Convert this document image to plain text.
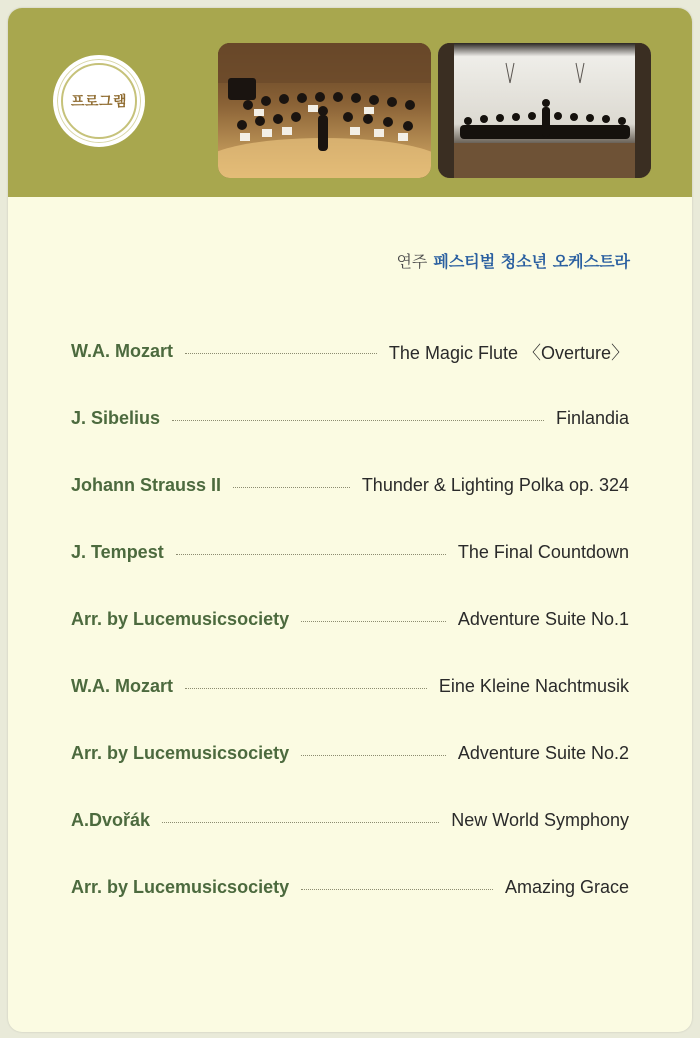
프로그램
연주 페스티벌 청소년 오케스트라
W.A. Mozart	The Magic Flute 〈Overture〉
J. Sibelius	Finlandia
Johann Strauss II	Thunder & Lighting Polka op. 324
J. Tempest	The Final Countdown
Arr. by Lucemusicsociety	Adventure Suite No.1
W.A. Mozart	Eine Kleine Nachtmusik
Arr. by Lucemusicsociety	Adventure Suite No.2
A.Dvořák	New World Symphony
Arr. by Lucemusicsociety	Amazing Grace
